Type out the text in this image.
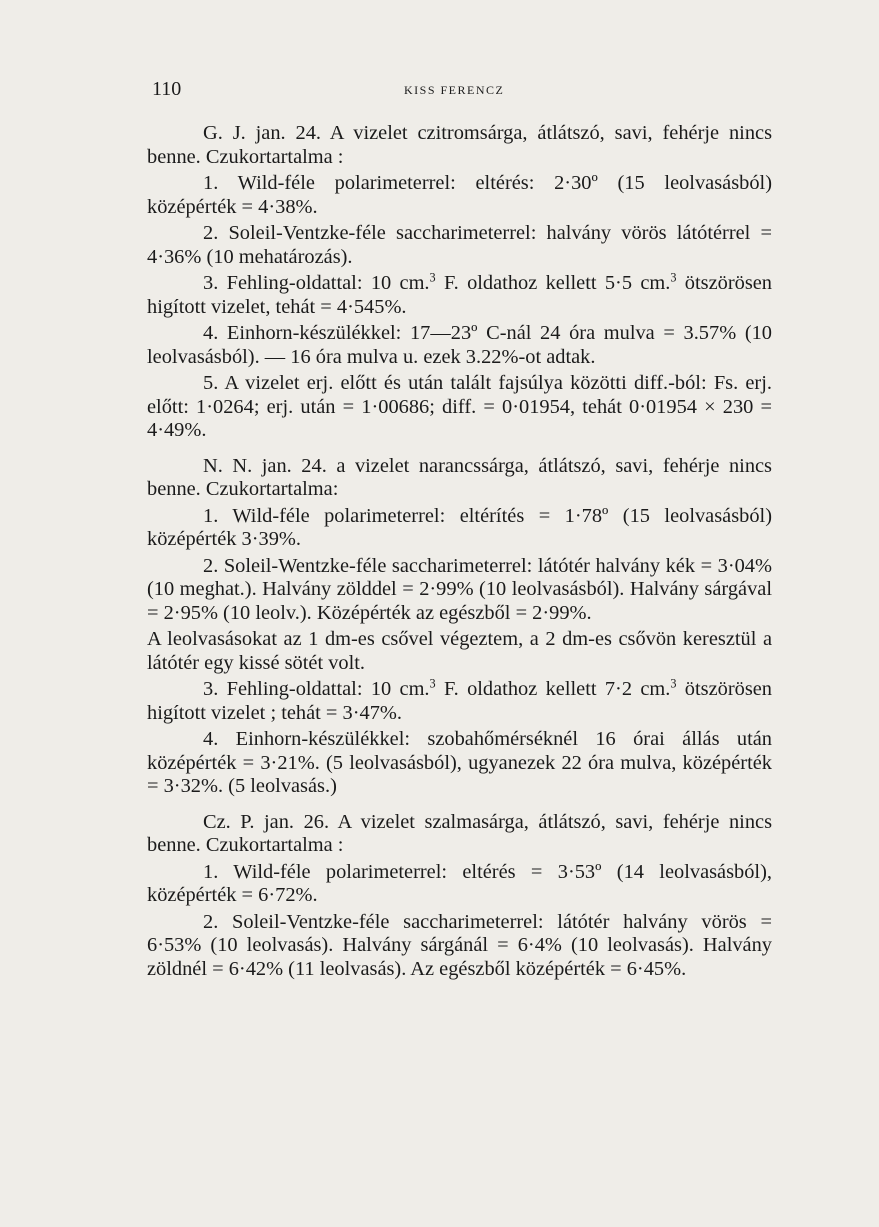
110	KISS FERENCZ

G. J. jan. 24. A vizelet czitromsárga, átlátszó, savi, fehérje nincs benne. Czukortartalma :

1. Wild-féle polarimeterrel: eltérés: 2·30º (15 leolvasásból) középérték = 4·38%.

2. Soleil-Ventzke-féle saccharimeterrel: halvány vörös látótérrel = 4·36% (10 mehatározás).

3. Fehling-oldattal: 10 cm.$^3$ F. oldathoz kellett 5·5 cm.$^3$ ötszörösen higított vizelet, tehát = 4·545%.

4. Einhorn-készülékkel: 17—23º C-nál 24 óra mulva = 3.57% (10 leolvasásból). — 16 óra mulva u. ezek 3.22%-ot adtak.

5. A vizelet erj. előtt és után talált fajsúlya közötti diff.-ból: Fs. erj. előtt: 1·0264; erj. után = 1·00686; diff. = 0·01954, tehát 0·01954 × 230 = 4·49%.

N. N. jan. 24. a vizelet narancssárga, átlátszó, savi, fehérje nincs benne. Czukortartalma:

1. Wild-féle polarimeterrel: eltérítés = 1·78º (15 leolvasásból) középérték 3·39%.

2. Soleil-Wentzke-féle saccharimeterrel: látótér halvány kék = 3·04% (10 meghat.). Halvány zölddel = 2·99% (10 leolvasásból). Halvány sárgával = 2·95% (10 leolv.). Középérték az egészből = 2·99%.

A leolvasásokat az 1 dm-es csővel végeztem, a 2 dm-es csővön keresztül a látótér egy kissé sötét volt.

3. Fehling-oldattal: 10 cm.$^3$ F. oldathoz kellett 7·2 cm.$^3$ ötszörösen higított vizelet ; tehát = 3·47%.

4. Einhorn-készülékkel: szobahőmérséknél 16 órai állás után középérték = 3·21%. (5 leolvasásból), ugyanezek 22 óra mulva, középérték = 3·32%. (5 leolvasás.)

Cz. P. jan. 26. A vizelet szalmasárga, átlátszó, savi, fehérje nincs benne. Czukortartalma :

1. Wild-féle polarimeterrel: eltérés = 3·53º (14 leolvasásból), középérték = 6·72%.

2. Soleil-Ventzke-féle saccharimeterrel: látótér halvány vörös = 6·53% (10 leolvasás). Halvány sárgánál = 6·4% (10 leolvasás). Halvány zöldnél = 6·42% (11 leolvasás). Az egészből középérték = 6·45%.
